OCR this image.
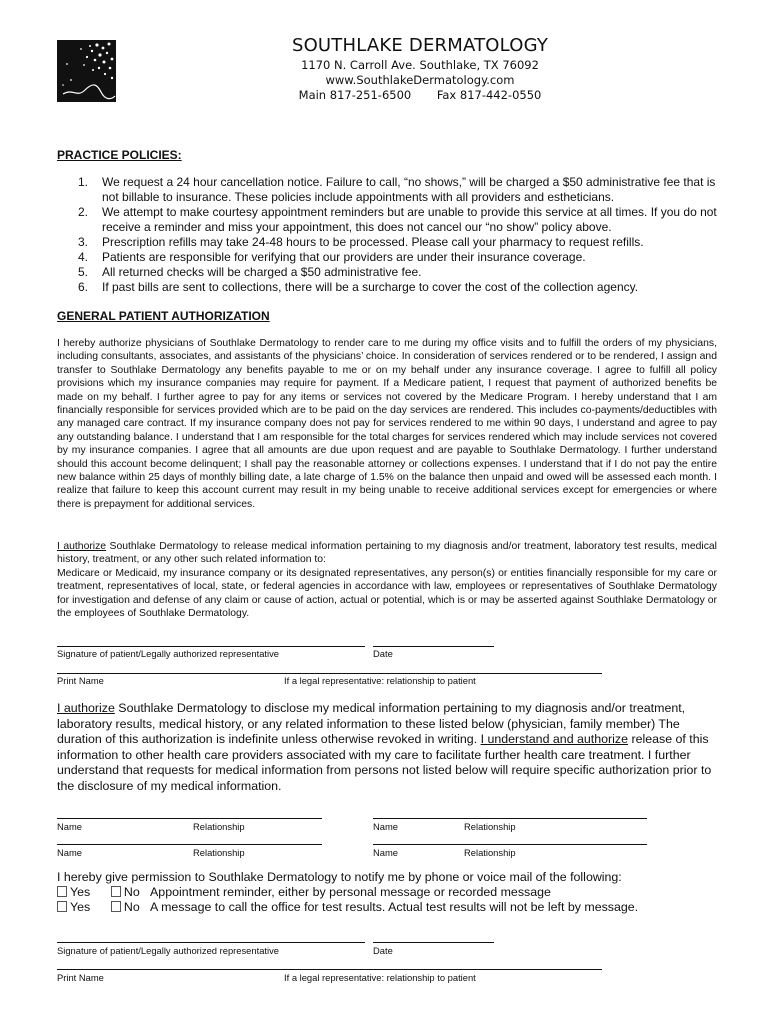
SOUTHLAKE DERMATOLOGY
1170 N. Carroll Ave. Southlake, TX 76092
www.SouthlakeDermatology.com
Main 817-251-6500 Fax 817-442-0550
PRACTICE POLICIES:
1.	We request a 24 hour cancellation notice. Failure to call, “no shows,” will be charged a $50 administrative fee that is not billable to insurance. These policies include appointments with all providers and estheticians.
2.	We attempt to make courtesy appointment reminders but are unable to provide this service at all times. If you do not receive a reminder and miss your appointment, this does not cancel our “no show” policy above.
3.	Prescription refills may take 24-48 hours to be processed. Please call your pharmacy to request refills.
4.	Patients are responsible for verifying that our providers are under their insurance coverage.
5.	All returned checks will be charged a $50 administrative fee.
6.	If past bills are sent to collections, there will be a surcharge to cover the cost of the collection agency.
GENERAL PATIENT AUTHORIZATION
I hereby authorize physicians of Southlake Dermatology to render care to me during my office visits and to fulfill the orders of my physicians, including consultants, associates, and assistants of the physicians’ choice. In consideration of services rendered or to be rendered, I assign and transfer to Southlake Dermatology any benefits payable to me or on my behalf under any insurance coverage. I agree to fulfill all policy provisions which my insurance companies may require for payment. If a Medicare patient, I request that payment of authorized benefits be made on my behalf. I further agree to pay for any items or services not covered by the Medicare Program. I hereby understand that I am financially responsible for services provided which are to be paid on the day services are rendered. This includes co-payments/deductibles with any managed care contract. If my insurance company does not pay for services rendered to me within 90 days, I understand and agree to pay any outstanding balance. I understand that I am responsible for the total charges for services rendered which may include services not covered by my insurance companies. I agree that all amounts are due upon request and are payable to Southlake Dermatology. I further understand should this account become delinquent; I shall pay the reasonable attorney or collections expenses. I understand that if I do not pay the entire new balance within 25 days of monthly billing date, a late charge of 1.5% on the balance then unpaid and owed will be assessed each month. I realize that failure to keep this account current may result in my being unable to receive additional services except for emergencies or where there is prepayment for additional services.
I authorize Southlake Dermatology to release medical information pertaining to my diagnosis and/or treatment, laboratory test results, medical history, treatment, or any other such related information to:
Medicare or Medicaid, my insurance company or its designated representatives, any person(s) or entities financially responsible for my care or treatment, representatives of local, state, or federal agencies in accordance with law, employees or representatives of Southlake Dermatology for investigation and defense of any claim or cause of action, actual or potential, which is or may be asserted against Southlake Dermatology or the employees of Southlake Dermatology.
Signature of patient/Legally authorized representative	Date
Print Name	If a legal representative: relationship to patient
I authorize Southlake Dermatology to disclose my medical information pertaining to my diagnosis and/or treatment, laboratory results, medical history, or any related information to these listed below (physician, family member) The duration of this authorization is indefinite unless otherwise revoked in writing. I understand and authorize release of this information to other health care providers associated with my care to facilitate further health care treatment. I further understand that requests for medical information from persons not listed below will require specific authorization prior to the disclosure of my medical information.
Name	Relationship	Name	Relationship
Name	Relationship	Name	Relationship
I hereby give permission to Southlake Dermatology to notify me by phone or voice mail of the following:
Yes	No Appointment reminder, either by personal message or recorded message
Yes	No A message to call the office for test results. Actual test results will not be left by message.
Signature of patient/Legally authorized representative	Date
Print Name	If a legal representative: relationship to patient
